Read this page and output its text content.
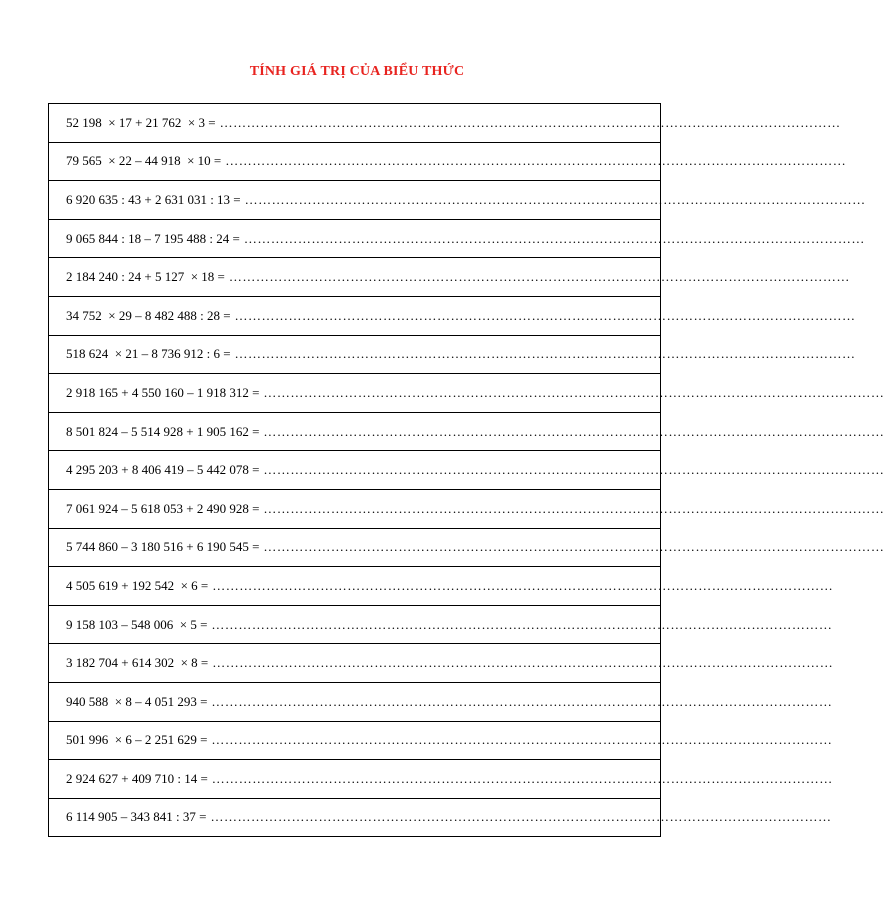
TÍNH GIÁ TRỊ CỦA BIỂU THỨC
52 198  × 17 + 21 762  × 3 = …………………………………………………………………………………………………………………………

79 565  × 22 – 44 918  × 10 = …………………………………………………………………………………………………………………………

6 920 635 : 43 + 2 631 031 : 13 = …………………………………………………………………………………………………………………………

9 065 844 : 18 – 7 195 488 : 24 = …………………………………………………………………………………………………………………………

2 184 240 : 24 + 5 127  × 18 = …………………………………………………………………………………………………………………………

34 752  × 29 – 8 482 488 : 28 = …………………………………………………………………………………………………………………………

518 624  × 21 – 8 736 912 : 6 = …………………………………………………………………………………………………………………………

2 918 165 + 4 550 160 – 1 918 312 = …………………………………………………………………………………………………………………………

8 501 824 – 5 514 928 + 1 905 162 = …………………………………………………………………………………………………………………………

4 295 203 + 8 406 419 – 5 442 078 = …………………………………………………………………………………………………………………………

7 061 924 – 5 618 053 + 2 490 928 = …………………………………………………………………………………………………………………………

5 744 860 – 3 180 516 + 6 190 545 = …………………………………………………………………………………………………………………………

4 505 619 + 192 542  × 6 = …………………………………………………………………………………………………………………………

9 158 103 – 548 006  × 5 = …………………………………………………………………………………………………………………………

3 182 704 + 614 302  × 8 = …………………………………………………………………………………………………………………………

940 588  × 8 – 4 051 293 = …………………………………………………………………………………………………………………………

501 996  × 6 – 2 251 629 = …………………………………………………………………………………………………………………………

2 924 627 + 409 710 : 14 = …………………………………………………………………………………………………………………………

6 114 905 – 343 841 : 37 = …………………………………………………………………………………………………………………………
